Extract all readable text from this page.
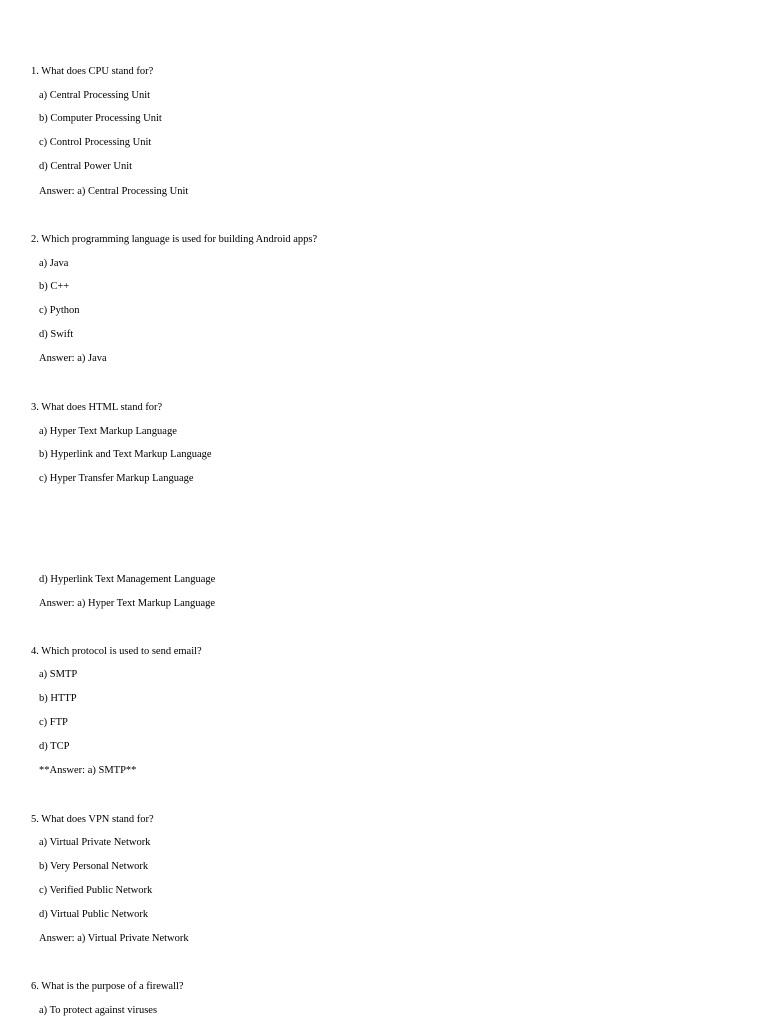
1. What does CPU stand for?
a) Central Processing Unit
b) Computer Processing Unit
c) Control Processing Unit
d) Central Power Unit
Answer: a) Central Processing Unit
2. Which programming language is used for building Android apps?
a) Java
b) C++
c) Python
d) Swift
Answer: a) Java
3. What does HTML stand for?
a) Hyper Text Markup Language
b) Hyperlink and Text Markup Language
c) Hyper Transfer Markup Language
d) Hyperlink Text Management Language
Answer: a) Hyper Text Markup Language
4. Which protocol is used to send email?
a) SMTP
b) HTTP
c) FTP
d) TCP
**Answer: a) SMTP**
5. What does VPN stand for?
a) Virtual Private Network
b) Very Personal Network
c) Verified Public Network
d) Virtual Public Network
Answer: a) Virtual Private Network
6. What is the purpose of a firewall?
a) To protect against viruses
